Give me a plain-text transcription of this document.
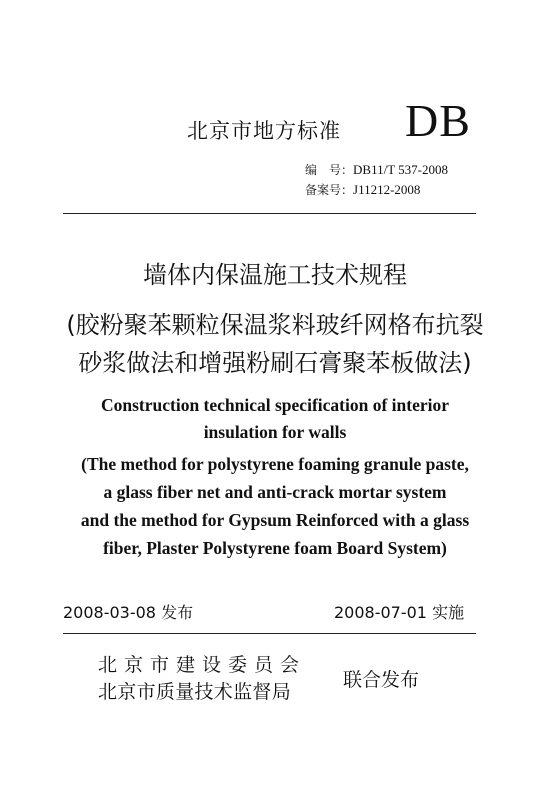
北京市地方标准 DB
编　号：DB11/T 537-2008
备案号：J11212-2008
墙体内保温施工技术规程
(胶粉聚苯颗粒保温浆料玻纤网格布抗裂
砂浆做法和增强粉刷石膏聚苯板做法)
Construction technical specification of interior
insulation for walls
(The method for polystyrene foaming granule paste,
a glass fiber net and anti-crack mortar system
and the method for Gypsum Reinforced with a glass
fiber, Plaster Polystyrene foam Board System)
2008-03-08 发布	2008-07-01 实施
北京市建设委员会
北京市质量技术监督局
联合发布
